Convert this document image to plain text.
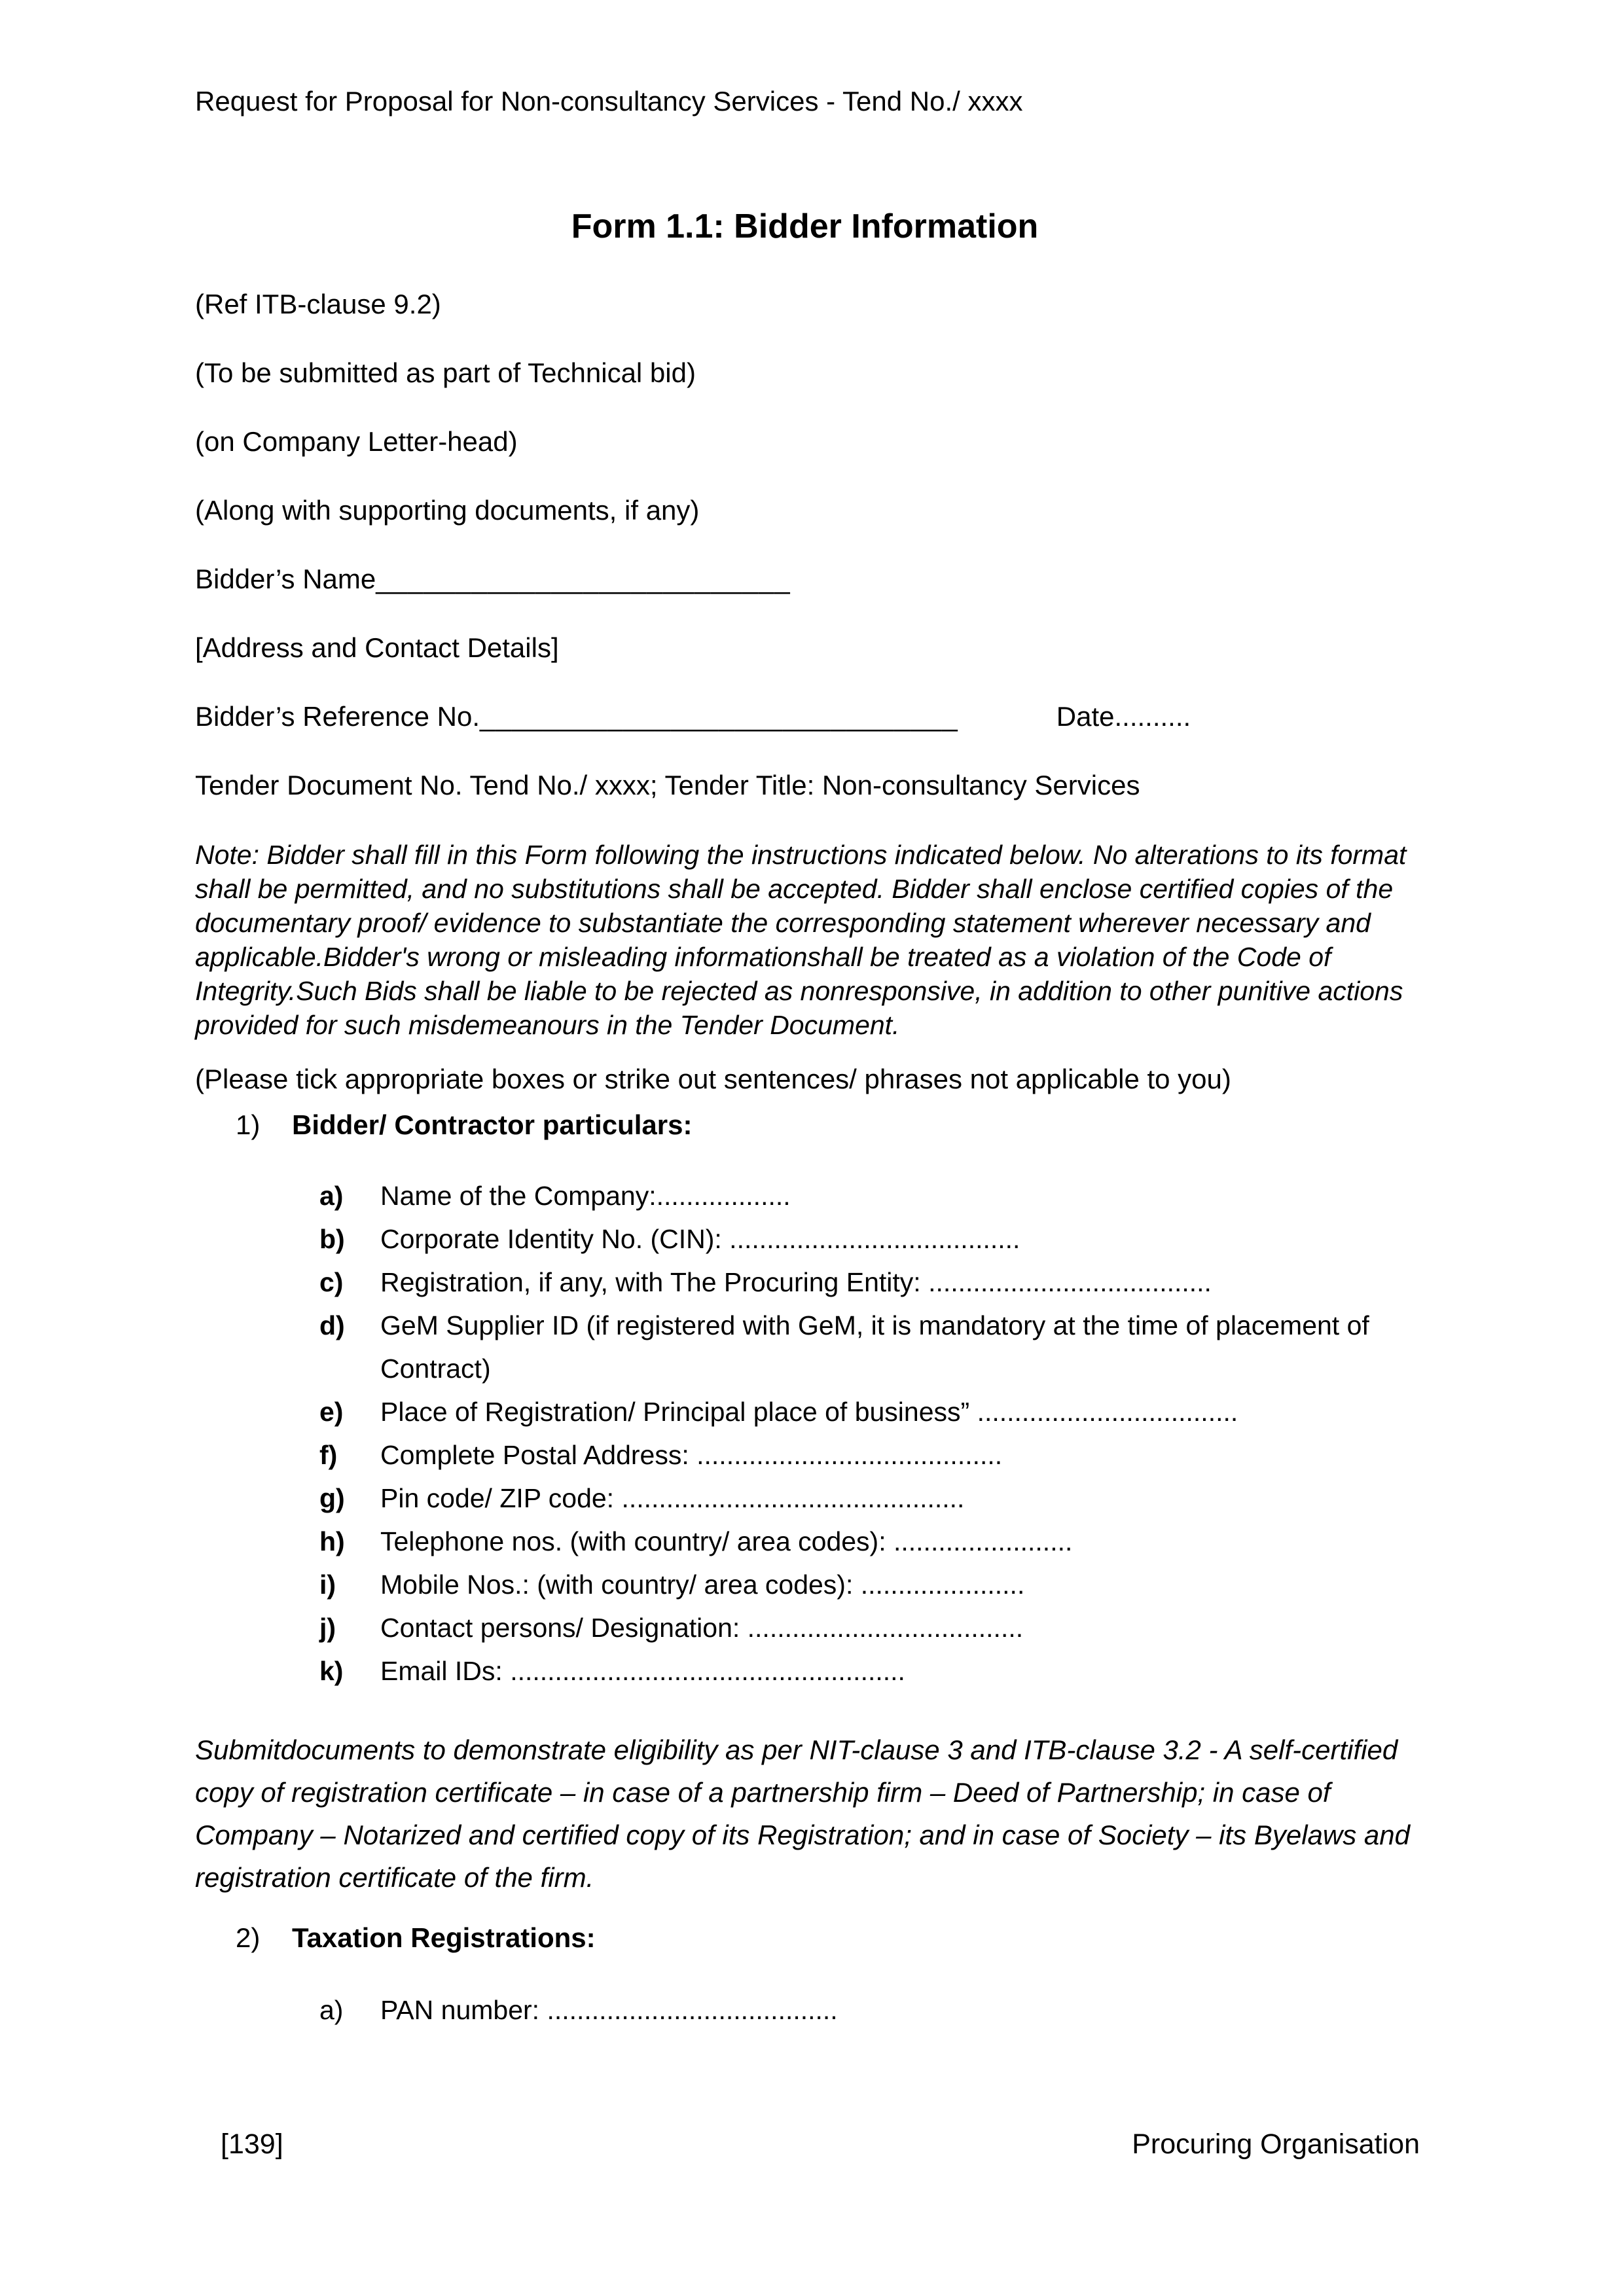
Request for Proposal for Non-consultancy Services - Tend No./ xxxx
Form 1.1: Bidder Information
(Ref ITB-clause 9.2)
(To be submitted as part of Technical bid)
(on Company Letter-head)
(Along with supporting documents, if any)
Bidder’s Name__________________________
[Address and Contact Details]
Bidder’s Reference No.______________________________	Date..........
Tender Document No. Tend No./ xxxx; Tender Title: Non-consultancy Services
Note: Bidder shall fill in this Form following the instructions indicated below. No alterations to its format shall be permitted, and no substitutions shall be accepted. Bidder shall enclose certified copies of the documentary proof/ evidence to substantiate the corresponding statement wherever necessary and applicable.Bidder's wrong or misleading informationshall be treated as a violation of the Code of Integrity.Such Bids shall be liable to be rejected as nonresponsive, in addition to other punitive actions provided for such misdemeanours in the Tender Document.
(Please tick appropriate boxes or strike out sentences/ phrases not applicable to you)
1)	Bidder/ Contractor particulars:
a)	Name of the Company:..................
b)	Corporate Identity No. (CIN): .......................................
c)	Registration, if any, with The Procuring Entity: ......................................
d)	GeM Supplier ID (if registered with GeM, it is mandatory at the time of placement of Contract)
e)	Place of Registration/ Principal place of business” ...................................
f)	Complete Postal Address: .........................................
g)	Pin code/ ZIP code: ..............................................
h)	Telephone nos. (with country/ area codes): ........................
i)	Mobile Nos.: (with country/ area codes): ......................
j)	Contact persons/ Designation: .....................................
k)	Email IDs: .....................................................
Submitdocuments to demonstrate eligibility as per NIT-clause 3 and ITB-clause 3.2 - A self-certified copy of registration certificate – in case of a partnership firm – Deed of Partnership; in case of Company – Notarized and certified copy of its Registration; and in case of Society – its Byelaws and registration certificate of the firm.
2)	Taxation Registrations:
a)	PAN number: .......................................
[139]	Procuring Organisation
